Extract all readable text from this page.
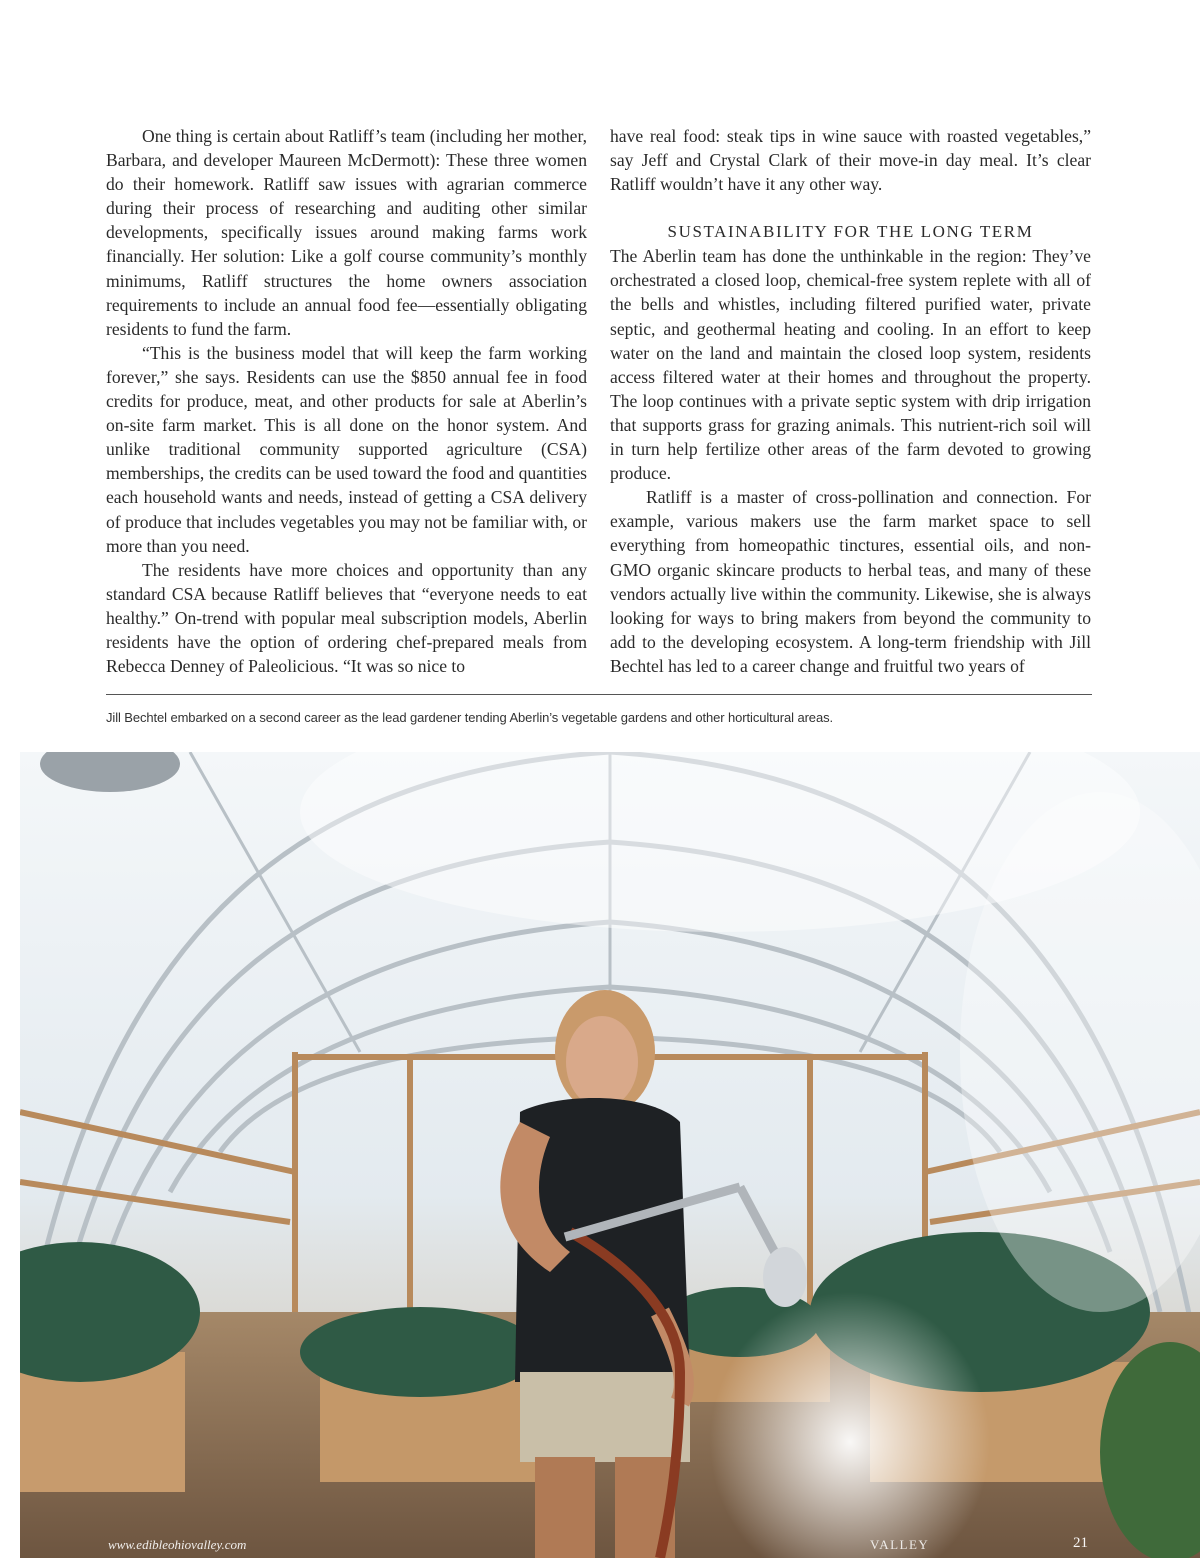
One thing is certain about Ratliff’s team (including her mother, Barbara, and developer Maureen McDermott): These three women do their homework. Ratliff saw issues with agrarian commerce during their process of researching and auditing other similar developments, specifically issues around making farms work financially. Her solution: Like a golf course community’s monthly minimums, Ratliff structures the home owners association requirements to include an annual food fee—essentially obligating residents to fund the farm.

“This is the business model that will keep the farm working forever,” she says. Residents can use the $850 annual fee in food credits for produce, meat, and other products for sale at Aberlin’s on-site farm market. This is all done on the honor system. And unlike traditional community supported agriculture (CSA) memberships, the credits can be used toward the food and quantities each household wants and needs, instead of getting a CSA delivery of produce that includes vegetables you may not be familiar with, or more than you need.

The residents have more choices and opportunity than any standard CSA because Ratliff believes that “everyone needs to eat healthy.” On-trend with popular meal subscription models, Aberlin residents have the option of ordering chef-prepared meals from Rebecca Denney of Paleolicious. “It was so nice to

have real food: steak tips in wine sauce with roasted vegetables,” say Jeff and Crystal Clark of their move-in day meal. It’s clear Ratliff wouldn’t have it any other way.

SUSTAINABILITY FOR THE LONG TERM

The Aberlin team has done the unthinkable in the region: They’ve orchestrated a closed loop, chemical-free system replete with all of the bells and whistles, including filtered purified water, private septic, and geothermal heating and cooling. In an effort to keep water on the land and maintain the closed loop system, residents access filtered water at their homes and throughout the property. The loop continues with a private septic system with drip irrigation that supports grass for grazing animals. This nutrient-rich soil will in turn help fertilize other areas of the farm devoted to growing produce.

Ratliff is a master of cross-pollination and connection. For example, various makers use the farm market space to sell everything from homeopathic tinctures, essential oils, and non-GMO organic skincare products to herbal teas, and many of these vendors actually live within the community. Likewise, she is always looking for ways to bring makers from beyond the community to add to the developing ecosystem. A long-term friendship with Jill Bechtel has led to a career change and fruitful two years of

Jill Bechtel embarked on a second career as the lead gardener tending Aberlin’s vegetable gardens and other horticultural areas.
www.edibleohiovalley.com	VALLEY	21
